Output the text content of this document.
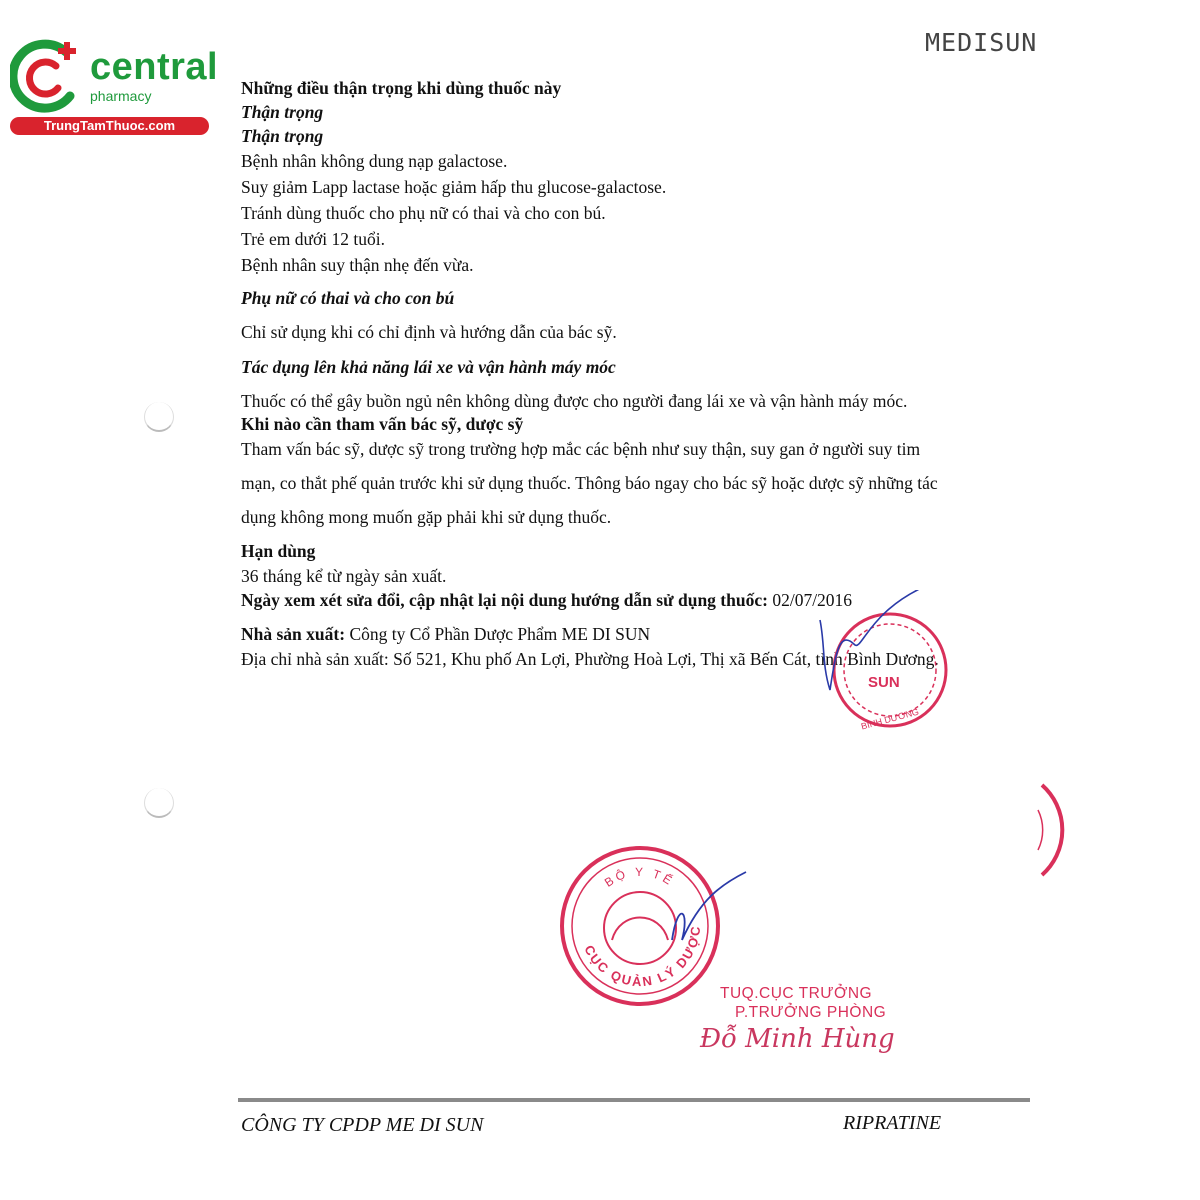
central
pharmacy
TrungTamThuoc.com
MEDISUN
Những điều thận trọng khi dùng thuốc này
Thận trọng
Thận trọng
Bệnh nhân không dung nạp galactose.
Suy giảm Lapp lactase hoặc giảm hấp thu glucose-galactose.
Tránh dùng thuốc cho phụ nữ có thai và cho con bú.
Trẻ em dưới 12 tuổi.
Bệnh nhân suy thận nhẹ đến vừa.
Phụ nữ có thai và cho con bú
Chỉ sử dụng khi có chỉ định và hướng dẫn của bác sỹ.
Tác dụng lên khả năng lái xe và vận hành máy móc
Thuốc có thể gây buồn ngủ nên không dùng được cho người đang lái xe và vận hành máy móc.
Khi nào cần tham vấn bác sỹ, dược sỹ
Tham vấn bác sỹ, dược sỹ trong trường hợp mắc các bệnh như suy thận, suy gan ở người suy tim
mạn, co thắt phế quản trước khi sử dụng thuốc. Thông báo ngay cho bác sỹ hoặc dược sỹ những tác
dụng không mong muốn gặp phải khi sử dụng thuốc.
Hạn dùng
36 tháng kể từ ngày sản xuất.
Ngày xem xét sửa đổi, cập nhật lại nội dung hướng dẫn sử dụng thuốc: 02/07/2016
Nhà sản xuất: Công ty Cổ Phần Dược Phẩm ME DI SUN
Địa chỉ nhà sản xuất: Số 521, Khu phố An Lợi, Phường Hoà Lợi, Thị xã Bến Cát, tỉnh Bình Dương.
SUN
BÌNH DƯƠNG
BỘ Y TẾ
CỤC QUẢN LÝ DƯỢC
TUQ.CỤC TRƯỞNG
P.TRƯỞNG PHÒNG
Đỗ Minh Hùng
CÔNG TY CPDP ME DI SUN	RIPRATINE
